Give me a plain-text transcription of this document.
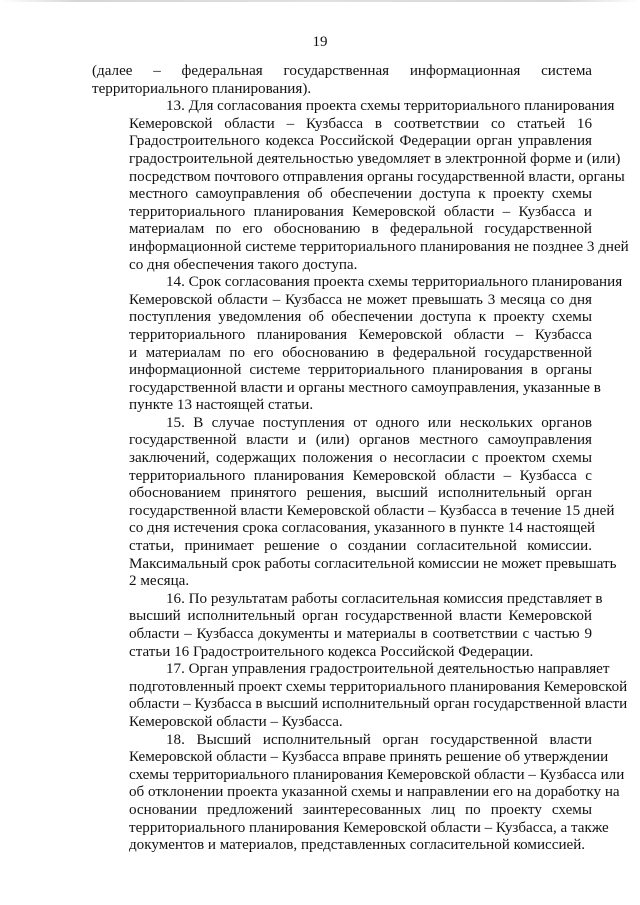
19
(далее – федеральная государственная информационная система
территориального планирования).
13. Для согласования проекта схемы территориального планирования
Кемеровской области – Кузбасса в соответствии со статьей 16
Градостроительного кодекса Российской Федерации орган управления
градостроительной деятельностью уведомляет в электронной форме и (или)
посредством почтового отправления органы государственной власти, органы
местного самоуправления об обеспечении доступа к проекту схемы
территориального планирования Кемеровской области – Кузбасса и
материалам по его обоснованию в федеральной государственной
информационной системе территориального планирования не позднее 3 дней
со дня обеспечения такого доступа.
14. Срок согласования проекта схемы территориального планирования
Кемеровской области – Кузбасса не может превышать 3 месяца со дня
поступления уведомления об обеспечении доступа к проекту схемы
территориального планирования Кемеровской области – Кузбасса
и материалам по его обоснованию в федеральной государственной
информационной системе территориального планирования в органы
государственной власти и органы местного самоуправления, указанные в
пункте 13 настоящей статьи.
15. В случае поступления от одного или нескольких органов
государственной власти и (или) органов местного самоуправления
заключений, содержащих положения о несогласии с проектом схемы
территориального планирования Кемеровской области – Кузбасса с
обоснованием принятого решения, высший исполнительный орган
государственной власти Кемеровской области – Кузбасса в течение 15 дней
со дня истечения срока согласования, указанного в пункте 14 настоящей
статьи, принимает решение о создании согласительной комиссии.
Максимальный срок работы согласительной комиссии не может превышать
2 месяца.
16. По результатам работы согласительная комиссия представляет в
высший исполнительный орган государственной власти Кемеровской
области – Кузбасса документы и материалы в соответствии с частью 9
статьи 16 Градостроительного кодекса Российской Федерации.
17. Орган управления градостроительной деятельностью направляет
подготовленный проект схемы территориального планирования Кемеровской
области – Кузбасса в высший исполнительный орган государственной власти
Кемеровской области – Кузбасса.
18. Высший исполнительный орган государственной власти
Кемеровской области – Кузбасса вправе принять решение об утверждении
схемы территориального планирования Кемеровской области – Кузбасса или
об отклонении проекта указанной схемы и направлении его на доработку на
основании предложений заинтересованных лиц по проекту схемы
территориального планирования Кемеровской области – Кузбасса, а также
документов и материалов, представленных согласительной комиссией.
